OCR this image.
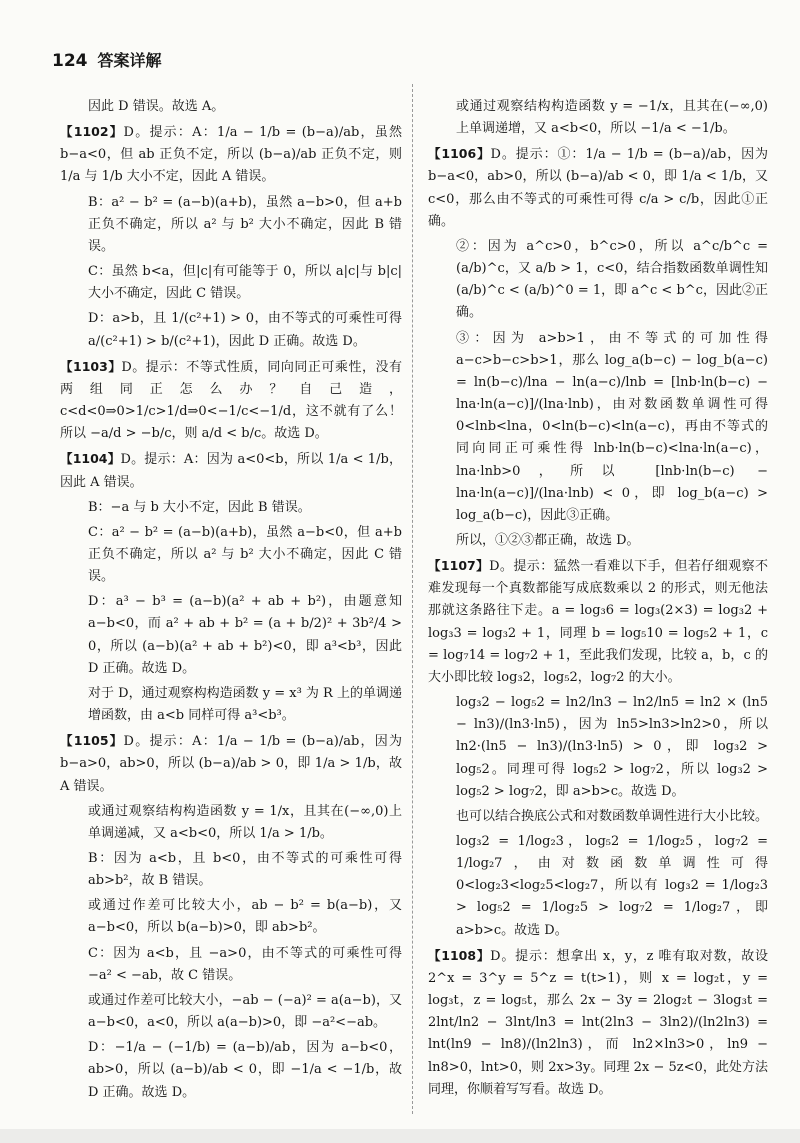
124 答案详解

因此 D 错误。故选 A。

【1102】D。提示：A：1/a − 1/b = (b−a)/ab，虽然 b−a<0，但 ab 正负不定，所以 (b−a)/ab 正负不定，则 1/a 与 1/b 大小不定，因此 A 错误。

B：a² − b² = (a−b)(a+b)，虽然 a−b>0，但 a+b 正负不确定，所以 a² 与 b² 大小不确定，因此 B 错误。

C：虽然 b<a，但|c|有可能等于 0，所以 a|c|与 b|c|大小不确定，因此 C 错误。

D：a>b，且 1/(c²+1) > 0，由不等式的可乘性可得 a/(c²+1) > b/(c²+1)，因此 D 正确。故选 D。

【1103】D。提示：不等式性质，同向同正可乘性，没有两组同正怎么办？自己造，c<d<0⇒0>1/c>1/d⇒0<−1/c<−1/d，这不就有了么！所以 −a/d > −b/c，则 a/d < b/c。故选 D。

【1104】D。提示：A：因为 a<0<b，所以 1/a < 1/b，因此 A 错误。

B：−a 与 b 大小不定，因此 B 错误。

C：a² − b² = (a−b)(a+b)，虽然 a−b<0，但 a+b 正负不确定，所以 a² 与 b² 大小不确定，因此 C 错误。

D：a³ − b³ = (a−b)(a² + ab + b²)，由题意知 a−b<0，而 a² + ab + b² = (a + b/2)² + 3b²/4 > 0，所以 (a−b)(a² + ab + b²)<0，即 a³<b³，因此 D 正确。故选 D。

对于 D，通过观察构构造函数 y = x³ 为 R 上的单调递增函数，由 a<b 同样可得 a³<b³。

【1105】D。提示：A：1/a − 1/b = (b−a)/ab，因为 b−a>0，ab>0，所以 (b−a)/ab > 0，即 1/a > 1/b，故 A 错误。

或通过观察结构构造函数 y = 1/x，且其在(−∞,0)上单调递减，又 a<b<0，所以 1/a > 1/b。

B：因为 a<b，且 b<0，由不等式的可乘性可得 ab>b²，故 B 错误。

或通过作差可比较大小，ab − b² = b(a−b)，又 a−b<0，所以 b(a−b)>0，即 ab>b²。

C：因为 a<b，且 −a>0，由不等式的可乘性可得 −a² < −ab，故 C 错误。

或通过作差可比较大小，−ab − (−a)² = a(a−b)，又 a−b<0，a<0，所以 a(a−b)>0，即 −a²<−ab。

D：−1/a − (−1/b) = (a−b)/ab，因为 a−b<0，ab>0，所以 (a−b)/ab < 0，即 −1/a < −1/b，故 D 正确。故选 D。

或通过观察结构构造函数 y = −1/x，且其在(−∞,0)上单调递增，又 a<b<0，所以 −1/a < −1/b。

【1106】D。提示：①：1/a − 1/b = (b−a)/ab，因为 b−a<0，ab>0，所以 (b−a)/ab < 0，即 1/a < 1/b，又 c<0，那么由不等式的可乘性可得 c/a > c/b，因此①正确。

②：因为 a^c>0，b^c>0，所以 a^c/b^c = (a/b)^c，又 a/b > 1，c<0，结合指数函数单调性知 (a/b)^c < (a/b)^0 = 1，即 a^c < b^c，因此②正确。

③：因为 a>b>1，由不等式的可加性得 a−c>b−c>b>1，那么 log_a(b−c) − log_b(a−c) = ln(b−c)/lna − ln(a−c)/lnb = [lnb·ln(b−c) − lna·ln(a−c)]/(lna·lnb)，由对数函数单调性可得 0<lnb<lna，0<ln(b−c)<ln(a−c)，再由不等式的同向同正可乘性得 lnb·ln(b−c)<lna·ln(a−c)，lna·lnb>0，所以 [lnb·ln(b−c) − lna·ln(a−c)]/(lna·lnb) < 0，即 log_b(a−c) > log_a(b−c)，因此③正确。

所以，①②③都正确，故选 D。

【1107】D。提示：猛然一看难以下手，但若仔细观察不难发现每一个真数都能写成底数乘以 2 的形式，则无他法那就这条路往下走。a = log₃6 = log₃(2×3) = log₃2 + log₃3 = log₃2 + 1，同理 b = log₅10 = log₅2 + 1，c = log₇14 = log₇2 + 1，至此我们发现，比较 a，b，c 的大小即比较 log₃2，log₅2，log₇2 的大小。

log₃2 − log₅2 = ln2/ln3 − ln2/ln5 = ln2 × (ln5 − ln3)/(ln3·ln5)，因为 ln5>ln3>ln2>0，所以 ln2·(ln5 − ln3)/(ln3·ln5) > 0，即 log₃2 > log₅2。同理可得 log₅2 > log₇2，所以 log₃2 > log₅2 > log₇2，即 a>b>c。故选 D。

也可以结合换底公式和对数函数单调性进行大小比较。

log₃2 = 1/log₂3，log₅2 = 1/log₂5，log₇2 = 1/log₂7，由对数函数单调性可得 0<log₂3<log₂5<log₂7，所以有 log₃2 = 1/log₂3 > log₅2 = 1/log₂5 > log₇2 = 1/log₂7，即 a>b>c。故选 D。

【1108】D。提示：想拿出 x，y，z 唯有取对数，故设 2^x = 3^y = 5^z = t(t>1)，则 x = log₂t，y = log₃t，z = log₅t，那么 2x − 3y = 2log₂t − 3log₃t = 2lnt/ln2 − 3lnt/ln3 = lnt(2ln3 − 3ln2)/(ln2ln3) = lnt(ln9 − ln8)/(ln2ln3)，而 ln2×ln3>0，ln9 − ln8>0，lnt>0，则 2x>3y。同理 2x − 5z<0，此处方法同理，你顺着写写看。故选 D。
